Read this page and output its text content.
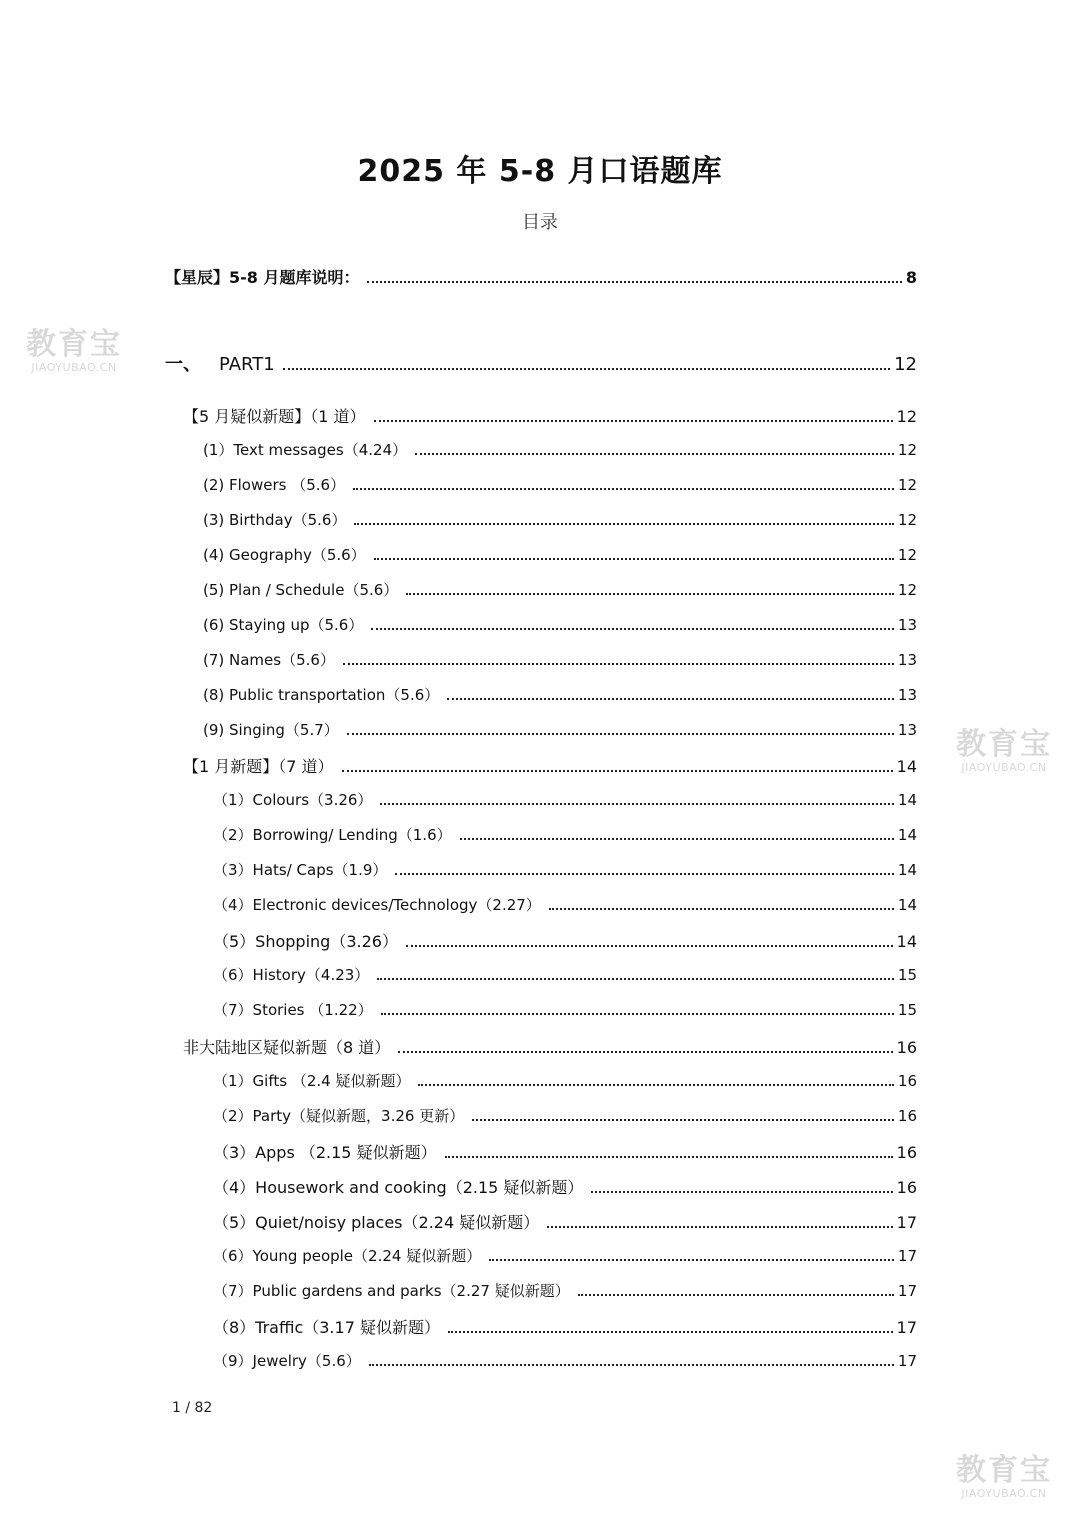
2025 年 5-8 月口语题库
目录
【星辰】5-8 月题库说明：	8
一、 PART1	12
【5 月疑似新题】（1 道）	12
(1）Text messages（4.24）	12
(2) Flowers （5.6）	12
(3) Birthday（5.6）	12
(4) Geography（5.6）	12
(5) Plan / Schedule（5.6）	12
(6) Staying up（5.6）	13
(7) Names（5.6）	13
(8) Public transportation（5.6）	13
(9) Singing（5.7）	13
【1 月新题】（7 道）	14
（1）Colours（3.26）	14
（2）Borrowing/ Lending（1.6）	14
（3）Hats/ Caps（1.9）	14
（4）Electronic devices/Technology（2.27）	14
（5）Shopping（3.26）	14
（6）History（4.23）	15
（7）Stories （1.22）	15
非大陆地区疑似新题（8 道）	16
（1）Gifts （2.4 疑似新题）	16
（2）Party（疑似新题，3.26 更新）	16
（3）Apps （2.15 疑似新题）	16
（4）Housework and cooking（2.15 疑似新题）	16
（5）Quiet/noisy places（2.24 疑似新题）	17
（6）Young people（2.24 疑似新题）	17
（7）Public gardens and parks（2.27 疑似新题）	17
（8）Traffic（3.17 疑似新题）	17
（9）Jewelry（5.6）	17
1 / 82
教育宝
JIAOYUBAO.CN
教育宝
JIAOYUBAO.CN
教育宝
JIAOYUBAO.CN
